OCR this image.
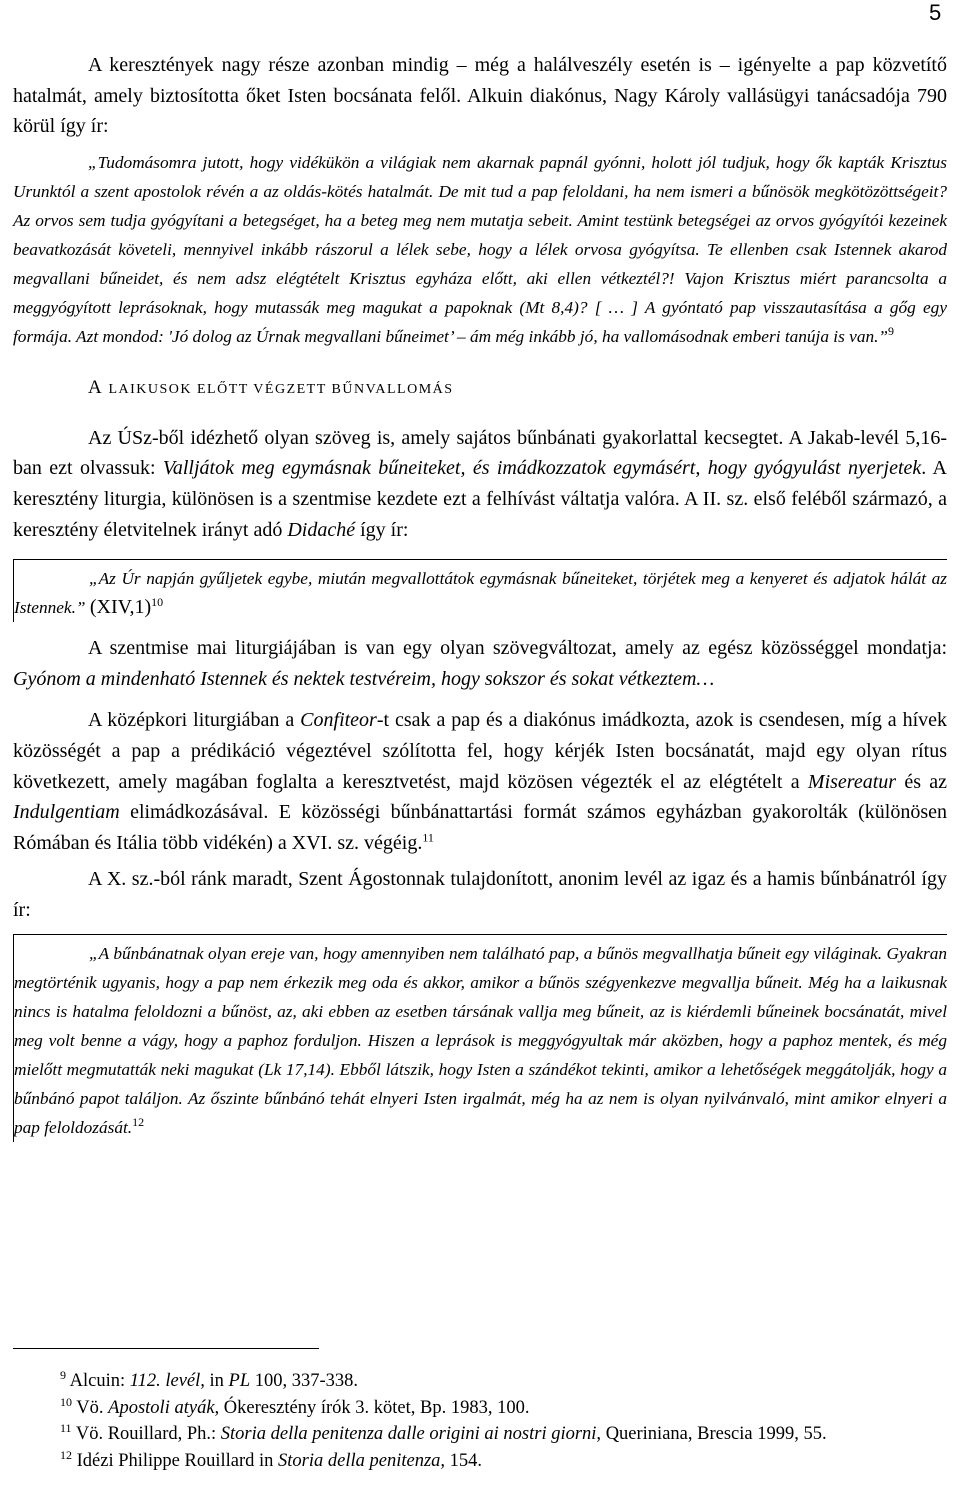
5

A keresztények nagy része azonban mindig – még a halálveszély esetén is – igényelte a pap közvetítő hatalmát, amely biztosította őket Isten bocsánata felől. Alkuin diakónus, Nagy Károly vallásügyi tanácsadója 790 körül így ír:

„Tudomásomra jutott, hogy vidékükön a világiak nem akarnak papnál gyónni, holott jól tudjuk, hogy ők kapták Krisztus Urunktól a szent apostolok révén a az oldás-kötés hatalmát. De mit tud a pap feloldani, ha nem ismeri a bűnösök megkötözöttségeit? Az orvos sem tudja gyógyítani a betegséget, ha a beteg meg nem mutatja sebeit. Amint testünk betegségei az orvos gyógyítói kezeinek beavatkozását követeli, mennyivel inkább rászorul a lélek sebe, hogy a lélek orvosa gyógyítsa. Te ellenben csak Istennek akarod megvallani bűneidet, és nem adsz elégtételt Krisztus egyháza előtt, aki ellen vétkeztél?! Vajon Krisztus miért parancsolta a meggyógyított leprásoknak, hogy mutassák meg magukat a papoknak (Mt 8,4)? [ … ] A gyóntató pap visszautasítása a gőg egy formája. Azt mondod: 'Jó dolog az Úrnak megvallani bűneimet’ – ám még inkább jó, ha vallomásodnak emberi tanúja is van.”$^9$
A LAIKUSOK ELŐTT VÉGZETT BŰNVALLOMÁS

Az ÚSz-ből idézhető olyan szöveg is, amely sajátos bűnbánati gyakorlattal kecsegtet. A Jakab-levél 5,16-ban ezt olvassuk: Valljátok meg egymásnak bűneiteket, és imádkozzatok egymásért, hogy gyógyulást nyerjetek. A keresztény liturgia, különösen is a szentmise kezdete ezt a felhívást váltatja valóra. A II. sz. első feléből származó, a keresztény életvitelnek irányt adó Didaché így ír:

„Az Úr napján gyűljetek egybe, miután megvallottátok egymásnak bűneiteket, törjétek meg a kenyeret és adjatok hálát az Istennek.” $(XIV,1)^{10}$

A szentmise mai liturgiájában is van egy olyan szövegváltozat, amely az egész közösséggel mondatja: Gyónom a mindenható Istennek és nektek testvéreim, hogy sokszor és sokat vétkeztem…

A középkori liturgiában a Confiteor-t csak a pap és a diakónus imádkozta, azok is csendesen, míg a hívek közösségét a pap a prédikáció végeztével szólította fel, hogy kérjék Isten bocsánatát, majd egy olyan rítus következett, amely magában foglalta a keresztvetést, majd közösen végezték el az elégtételt a Misereatur és az Indulgentiam elimádkozásával. E közösségi bűnbánattartási formát számos egyházban gyakorolták (különösen Rómában és Itália több vidékén) a XVI. sz. végéig.$^{11}$

A X. sz.-ból ránk maradt, Szent Ágostonnak tulajdonított, anonim levél az igaz és a hamis bűnbánatról így ír:

„A bűnbánatnak olyan ereje van, hogy amennyiben nem található pap, a bűnös megvallhatja bűneit egy világinak. Gyakran megtörténik ugyanis, hogy a pap nem érkezik meg oda és akkor, amikor a bűnös szégyenkezve megvallja bűneit. Még ha a laikusnak nincs is hatalma feloldozni a bűnöst, az, aki ebben az esetben társának vallja meg bűneit, az is kiérdemli bűneinek bocsánatát, mivel meg volt benne a vágy, hogy a paphoz forduljon. Hiszen a leprások is meggyógyultak már aközben, hogy a paphoz mentek, és még mielőtt megmutatták neki magukat (Lk 17,14). Ebből látszik, hogy Isten a szándékot tekinti, amikor a lehetőségek meggátolják, hogy a bűnbánó papot találjon. Az őszinte bűnbánó tehát elnyeri Isten irgalmát, még ha az nem is olyan nyilvánvaló, mint amikor elnyeri a pap feloldozását.$^{12}$

$^9$ Alcuin: 112. levél, in PL 100, 337-338.

$^{10}$ Vö. Apostoli atyák, Ókeresztény írók 3. kötet, Bp. 1983, 100.

$^{11}$ Vö. Rouillard, Ph.: Storia della penitenza dalle origini ai nostri giorni, Queriniana, Brescia 1999, 55.

$^{12}$ Idézi Philippe Rouillard in Storia della penitenza, 154.
